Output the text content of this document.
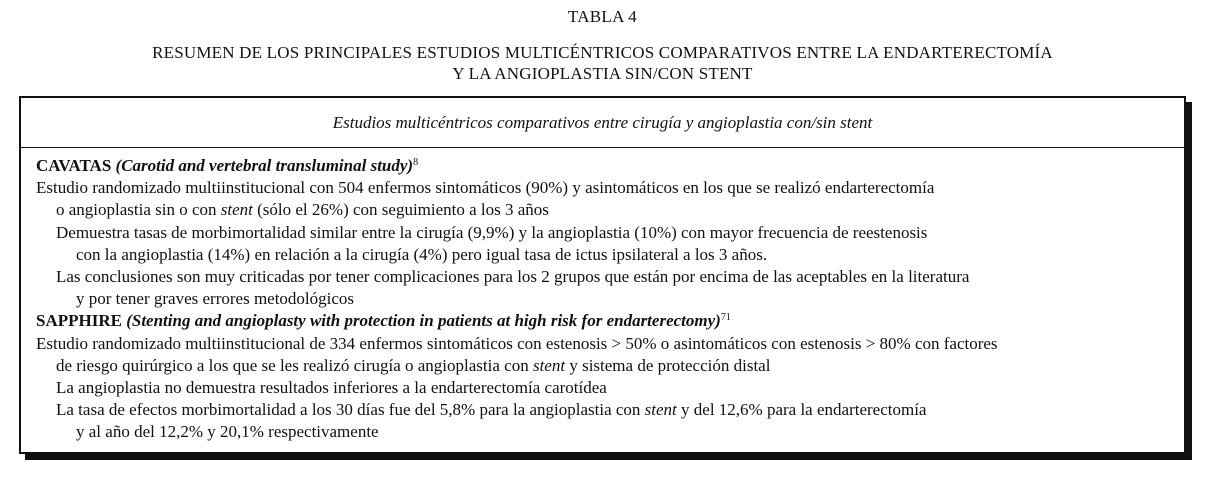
TABLA 4
RESUMEN DE LOS PRINCIPALES ESTUDIOS MULTICÉNTRICOS COMPARATIVOS ENTRE LA ENDARTERECTOMÍA
Y LA ANGIOPLASTIA SIN/CON STENT
Estudios multicéntricos comparativos entre cirugía y angioplastia con/sin stent
CAVATAS (Carotid and vertebral transluminal study)$^8$
Estudio randomizado multiinstitucional con 504 enfermos sintomáticos (90%) y asintomáticos en los que se realizó endarterectomía
o angioplastia sin o con stent (sólo el 26%) con seguimiento a los 3 años
Demuestra tasas de morbimortalidad similar entre la cirugía (9,9%) y la angioplastia (10%) con mayor frecuencia de reestenosis
con la angioplastia (14%) en relación a la cirugía (4%) pero igual tasa de ictus ipsilateral a los 3 años.
Las conclusiones son muy criticadas por tener complicaciones para los 2 grupos que están por encima de las aceptables en la literatura
y por tener graves errores metodológicos
SAPPHIRE (Stenting and angioplasty with protection in patients at high risk for endarterectomy)$^{71}$
Estudio randomizado multiinstitucional de 334 enfermos sintomáticos con estenosis > 50% o asintomáticos con estenosis > 80% con factores
de riesgo quirúrgico a los que se les realizó cirugía o angioplastia con stent y sistema de protección distal
La angioplastia no demuestra resultados inferiores a la endarterectomía carotídea
La tasa de efectos morbimortalidad a los 30 días fue del 5,8% para la angioplastia con stent y del 12,6% para la endarterectomía
y al año del 12,2% y 20,1% respectivamente
